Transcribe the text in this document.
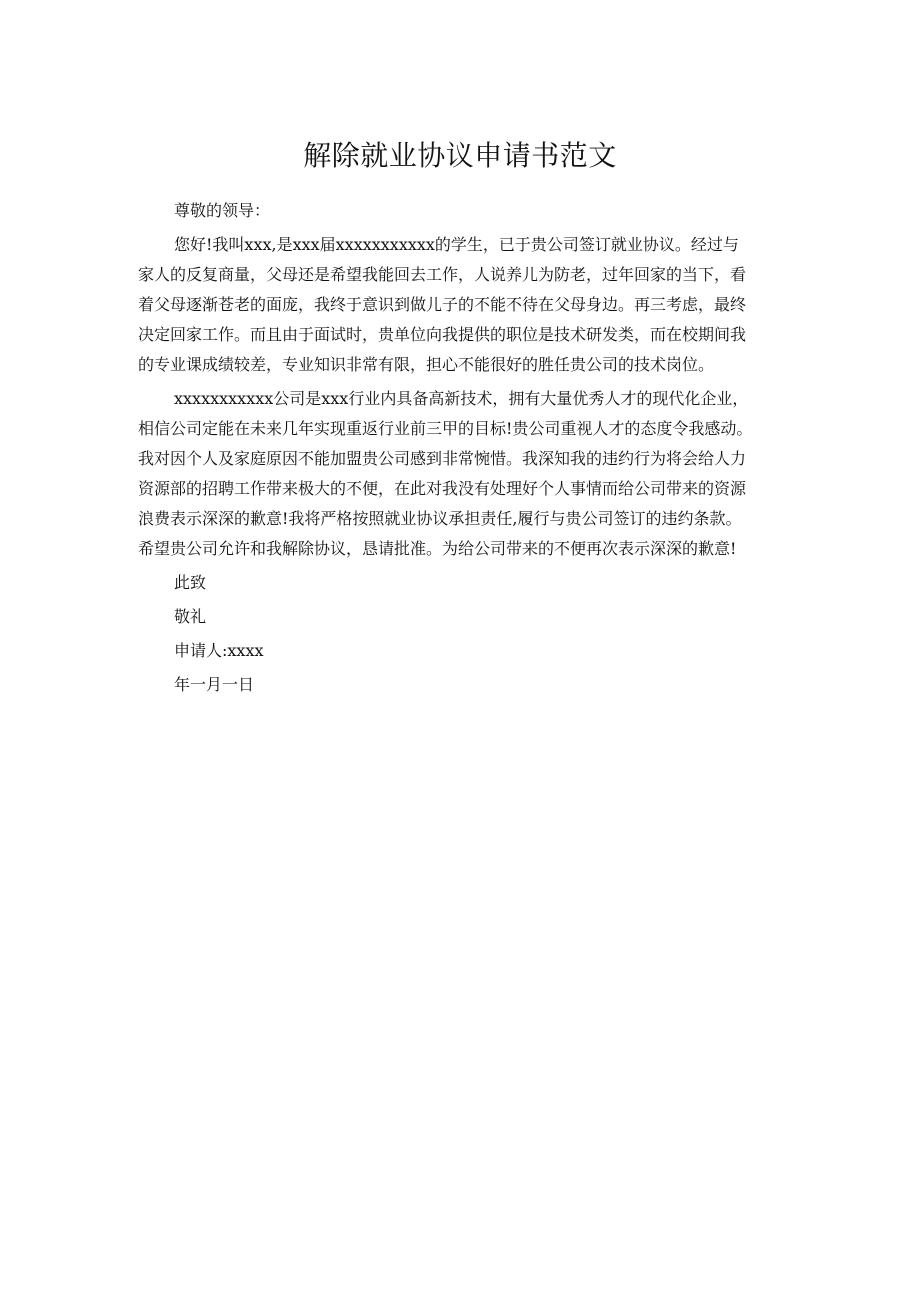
解除就业协议申请书范文
尊敬的领导：
您好!我叫xxx,是xxx届xxxxxxxxxxx的学生，已于贵公司签订就业协议。经过与
家人的反复商量，父母还是希望我能回去工作，人说养儿为防老，过年回家的当下，看
着父母逐渐苍老的面庞，我终于意识到做儿子的不能不待在父母身边。再三考虑，最终
决定回家工作。而且由于面试时，贵单位向我提供的职位是技术研发类，而在校期间我
的专业课成绩较差，专业知识非常有限，担心不能很好的胜任贵公司的技术岗位。
xxxxxxxxxxx公司是xxx行业内具备高新技术，拥有大量优秀人才的现代化企业，
相信公司定能在未来几年实现重返行业前三甲的目标!贵公司重视人才的态度令我感动。
我对因个人及家庭原因不能加盟贵公司感到非常惋惜。我深知我的违约行为将会给人力
资源部的招聘工作带来极大的不便，在此对我没有处理好个人事情而给公司带来的资源
浪费表示深深的歉意!我将严格按照就业协议承担责任,履行与贵公司签订的违约条款。
希望贵公司允许和我解除协议，恳请批准。为给公司带来的不便再次表示深深的歉意!
此致
敬礼
申请人:xxxx
年一月一日
